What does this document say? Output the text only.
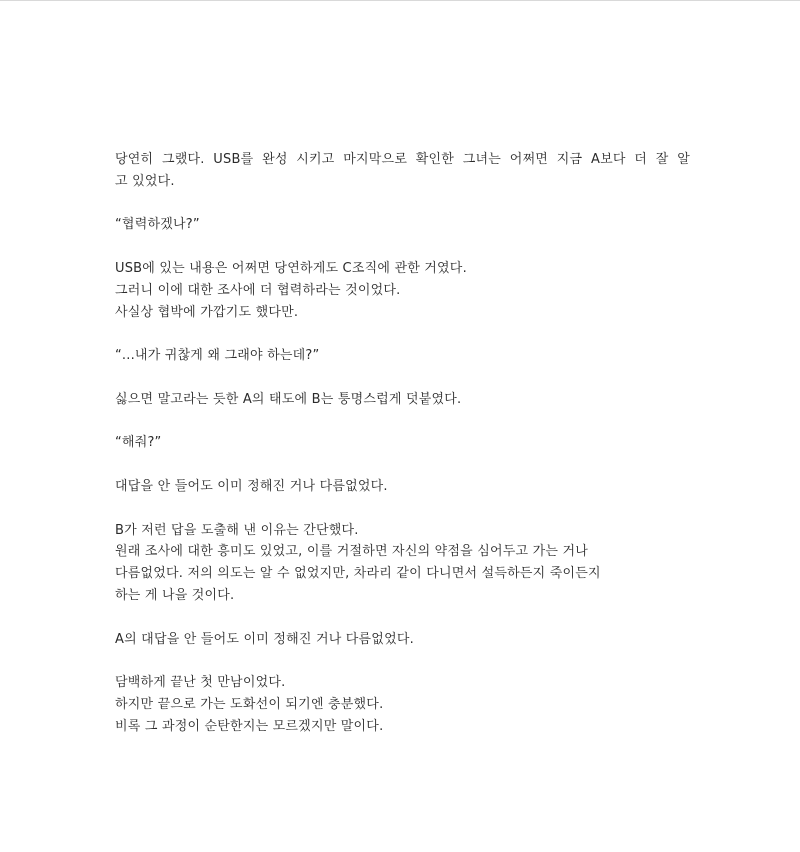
당연히 그랬다. USB를 완성 시키고 마지막으로 확인한 그녀는 어쩌면 지금 A보다 더 잘 알
고 있었다.

“협력하겠나?”

USB에 있는 내용은 어쩌면 당연하게도 C조직에 관한 거였다.
그러니 이에 대한 조사에 더 협력하라는 것이었다.
사실상 협박에 가깝기도 했다만.

“...내가 귀찮게 왜 그래야 하는데?”

싫으면 말고라는 듯한 A의 태도에 B는 퉁명스럽게 덧붙였다.

“해줘?”

대답을 안 들어도 이미 정해진 거나 다름없었다.

B가 저런 답을 도출해 낸 이유는 간단했다.
원래 조사에 대한 흥미도 있었고, 이를 거절하면 자신의 약점을 심어두고 가는 거나
다름없었다. 저의 의도는 알 수 없었지만, 차라리 같이 다니면서 설득하든지 죽이든지
하는 게 나을 것이다.

A의 대답을 안 들어도 이미 정해진 거나 다름없었다.

담백하게 끝난 첫 만남이었다.
하지만 끝으로 가는 도화선이 되기엔 충분했다.
비록 그 과정이 순탄한지는 모르겠지만 말이다.
